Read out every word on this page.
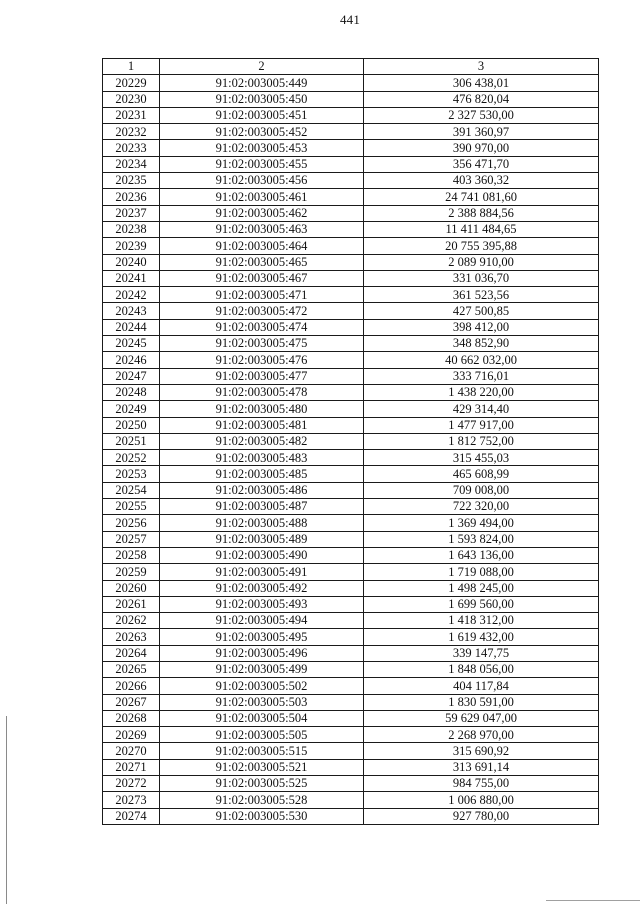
441
1	2	3
20229	91:02:003005:449	306 438,01
20230	91:02:003005:450	476 820,04
20231	91:02:003005:451	2 327 530,00
20232	91:02:003005:452	391 360,97
20233	91:02:003005:453	390 970,00
20234	91:02:003005:455	356 471,70
20235	91:02:003005:456	403 360,32
20236	91:02:003005:461	24 741 081,60
20237	91:02:003005:462	2 388 884,56
20238	91:02:003005:463	11 411 484,65
20239	91:02:003005:464	20 755 395,88
20240	91:02:003005:465	2 089 910,00
20241	91:02:003005:467	331 036,70
20242	91:02:003005:471	361 523,56
20243	91:02:003005:472	427 500,85
20244	91:02:003005:474	398 412,00
20245	91:02:003005:475	348 852,90
20246	91:02:003005:476	40 662 032,00
20247	91:02:003005:477	333 716,01
20248	91:02:003005:478	1 438 220,00
20249	91:02:003005:480	429 314,40
20250	91:02:003005:481	1 477 917,00
20251	91:02:003005:482	1 812 752,00
20252	91:02:003005:483	315 455,03
20253	91:02:003005:485	465 608,99
20254	91:02:003005:486	709 008,00
20255	91:02:003005:487	722 320,00
20256	91:02:003005:488	1 369 494,00
20257	91:02:003005:489	1 593 824,00
20258	91:02:003005:490	1 643 136,00
20259	91:02:003005:491	1 719 088,00
20260	91:02:003005:492	1 498 245,00
20261	91:02:003005:493	1 699 560,00
20262	91:02:003005:494	1 418 312,00
20263	91:02:003005:495	1 619 432,00
20264	91:02:003005:496	339 147,75
20265	91:02:003005:499	1 848 056,00
20266	91:02:003005:502	404 117,84
20267	91:02:003005:503	1 830 591,00
20268	91:02:003005:504	59 629 047,00
20269	91:02:003005:505	2 268 970,00
20270	91:02:003005:515	315 690,92
20271	91:02:003005:521	313 691,14
20272	91:02:003005:525	984 755,00
20273	91:02:003005:528	1 006 880,00
20274	91:02:003005:530	927 780,00
